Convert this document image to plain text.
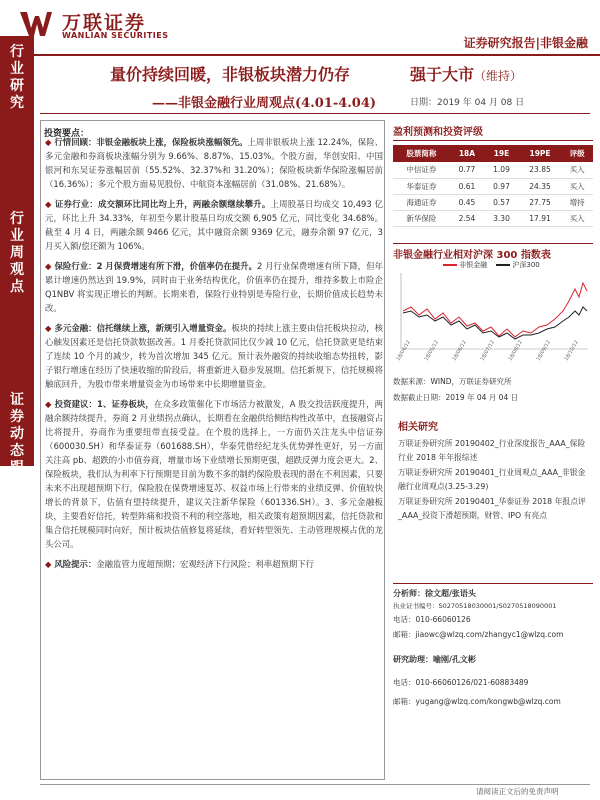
万联证券
WANLIAN SECURITIES
证券研究报告|非银金融
行
业
研
究
行
业
周
观
点
证
券
动
态
跟
踪
报
告
量价持续回暖，非银板块潜力仍存	强于大市（维持）
——非银金融行业周观点(4.01-4.04)	日期：2019 年 04 月 08 日

◆ 行情回顾：非银金融板块上涨，保险板块涨幅领先。上周非银板块上涨 12.24%，保险、多元金融和券商板块涨幅分别为 9.66%、8.87%、15.03%。个股方面，华创安阳、中国银河和东吴证券涨幅居前（55.52%、32.37%和 31.20%）；保险板块新华保险涨幅居前（16.36%）；多元个股方面易见股份、中航资本涨幅居前（31.08%、21.68%）。

◆ 证券行业：成交额环比同比均上升，两融余额继续攀升。上周股基日均成交 10,493 亿元，环比上升 34.33%，年初至今累计股基日均成交额 6,905 亿元，同比变化 34.68%。截至 4 月 4 日，两融余额 9466 亿元，其中融资余额 9369 亿元，融券余额 97 亿元，3 月买入额/偿还额为 106%。

◆ 保险行业：2 月保费增速有所下滑，价值率仍在提升。2 月行业保费增速有所下降，但年累计增速仍然达到 19.9%，同时由于业务结构优化，价值率仍在提升，维持多数上市险企 Q1NBV 将实现正增长的判断。长期来看，保险行业特别是寿险行业，长期价值成长趋势未改。

◆ 多元金融：信托继续上涨，新规引入增量资金。板块的持续上涨主要由信托板块拉动，核心触发因素还是信托贷款数据改善。1 月委托贷款同比仅少减 10 亿元，信托贷款更是结束了连续 10 个月的减少，转为首次增加 345 亿元。预计表外融资的持续收缩态势扭转，影子银行增速在经历了快速收缩的阶段后，将重新进入稳步发展期。信托新规下，信托规模将触底回升，为股市带来增量资金为市场带来中长期增量资金。

◆ 投资建议：1、证券板块，在众多政策催化下市场活力被激发，A 股交投活跃度提升，两融余额持续提升，券商 2 月业绩拐点确认，长期看在金融供给侧结构性改革中，直接融资占比将提升，券商作为重要纽带直接受益。在个股的选择上，一方面仍关注龙头中信证券（600030.SH）和华泰证券（601688.SH），华泰凭借经纪龙头优势弹性更好，另一方面关注高 pb、超跌的小市值券商，增量市场下业绩增长预期更强，超跌反弹力度会更大。2、保险板块，我们认为利率下行预期是目前为数不多的制约保险股表现的潜在不利因素，只要未来不出现超预期下行，保险股在保费增速复苏、权益市场上行带来的业绩反弹、价值较快增长的背景下，估值有望持续提升，建议关注新华保险（601336.SH）。3、多元金融板块，主要看好信托，转型阵痛和投资不利的利空落地，相关政策有超预期因素，信托贷款和集合信托规模同时向好，预计板块估值修复将延续，看好转型领先、主动管理规模占优的龙头公司。

◆ 风险提示：金融监管力度超预期；宏观经济下行风险；利率超预期下行

投资要点：	盈利预测和投资评级
股票简称	18A	19E	19PE	评级
中信证券	0.77	1.09	23.85	买入
华泰证券	0.61	0.97	24.35	买入
海通证券	0.45	0.57	27.75	增持
新华保险	2.54	3.30	17.91	买入
非银金融行业相对沪深 300 指数表
非银金融	沪深300
18/04/12 18/05/12 18/06/12 18/07/12 18/08/12 18/09/12 18/10/12
数据来源：WIND，万联证券研究所
数据截止日期：2019 年 04 月 04 日
相关研究
万联证券研究所 20190402_行业深度报告_AAA_保险行业 2018 年年报综述
万联证券研究所 20190401_行业周观点_AAA_非银金融行业周观点(3.25-3.29)
万联证券研究所 20190401_华泰证券 2018 年报点评_AAA_投资下滑超预期，财管、IPO 有亮点
分析师：徐文超/张语头
执业证书编号：S0270518030001/S0270518090001
电话：010-66060126
邮箱：jiaowc@wlzq.com/zhangyc1@wlzq.com
研究助理：喻刚/孔文彬
电话：010-66060126/021-60883489
邮箱：yugang@wlzq.com/kongwb@wlzq.com
请阅读正文后的免责声明
